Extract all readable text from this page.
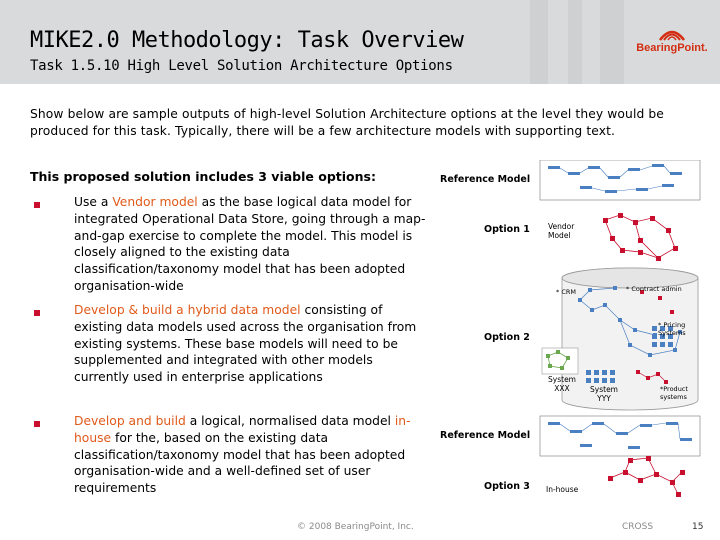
MIKE2.0 Methodology: Task Overview
Task 1.5.10 High Level Solution Architecture Options
BearingPoint.
Show below are sample outputs of high-level Solution Architecture options at the level they would be produced for this task. Typically, there will be a few architecture models with supporting text.
This proposed solution includes 3 viable options:
Use a Vendor model as the base logical data model for integrated Operational Data Store, going through a map-and-gap exercise to complete the model. This model is closely aligned to the existing data classification/taxonomy model that has been adopted organisation-wide
Develop & build a hybrid data model consisting of existing data models used across the organisation from existing systems. These base models will need to be supplemented and integrated with other models currently used in enterprise applications
Develop and build a logical, normalised data model in-house for the, based on the existing data classification/taxonomy model that has been adopted organisation-wide and a well-defined set of user requirements
Reference Model
Option 1 Vendor Model
* CRM	* Contract admin
Option 2
* Pricing Systems
System XXX	System YYY
*Product systems
Reference Model
Option 3 In-house
© 2008 BearingPoint, Inc.	CROSS	15
